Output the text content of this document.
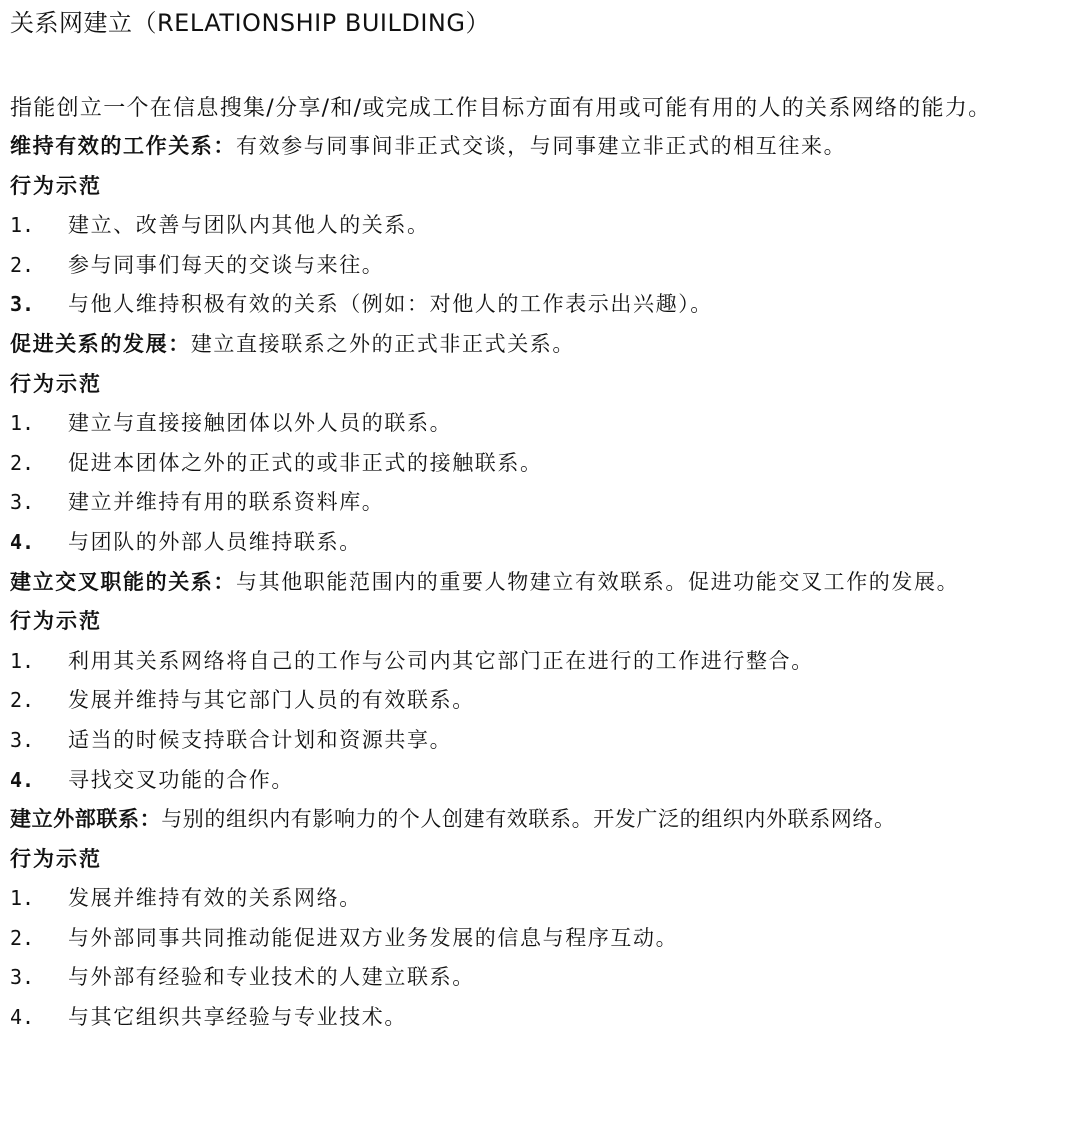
关系网建立（RELATIONSHIP BUILDING）
指能创立一个在信息搜集/分享/和/或完成工作目标方面有用或可能有用的人的关系网络的能力。
维持有效的工作关系：有效参与同事间非正式交谈，与同事建立非正式的相互往来。
行为示范
1. 建立、改善与团队内其他人的关系。
2. 参与同事们每天的交谈与来往。
3. 与他人维持积极有效的关系（例如：对他人的工作表示出兴趣）。
促进关系的发展：建立直接联系之外的正式非正式关系。
行为示范
1. 建立与直接接触团体以外人员的联系。
2. 促进本团体之外的正式的或非正式的接触联系。
3. 建立并维持有用的联系资料库。
4. 与团队的外部人员维持联系。
建立交叉职能的关系：与其他职能范围内的重要人物建立有效联系。促进功能交叉工作的发展。
行为示范
1. 利用其关系网络将自己的工作与公司内其它部门正在进行的工作进行整合。
2. 发展并维持与其它部门人员的有效联系。
3. 适当的时候支持联合计划和资源共享。
4. 寻找交叉功能的合作。
建立外部联系：与别的组织内有影响力的个人创建有效联系。开发广泛的组织内外联系网络。
行为示范
1. 发展并维持有效的关系网络。
2. 与外部同事共同推动能促进双方业务发展的信息与程序互动。
3. 与外部有经验和专业技术的人建立联系。
4. 与其它组织共享经验与专业技术。
